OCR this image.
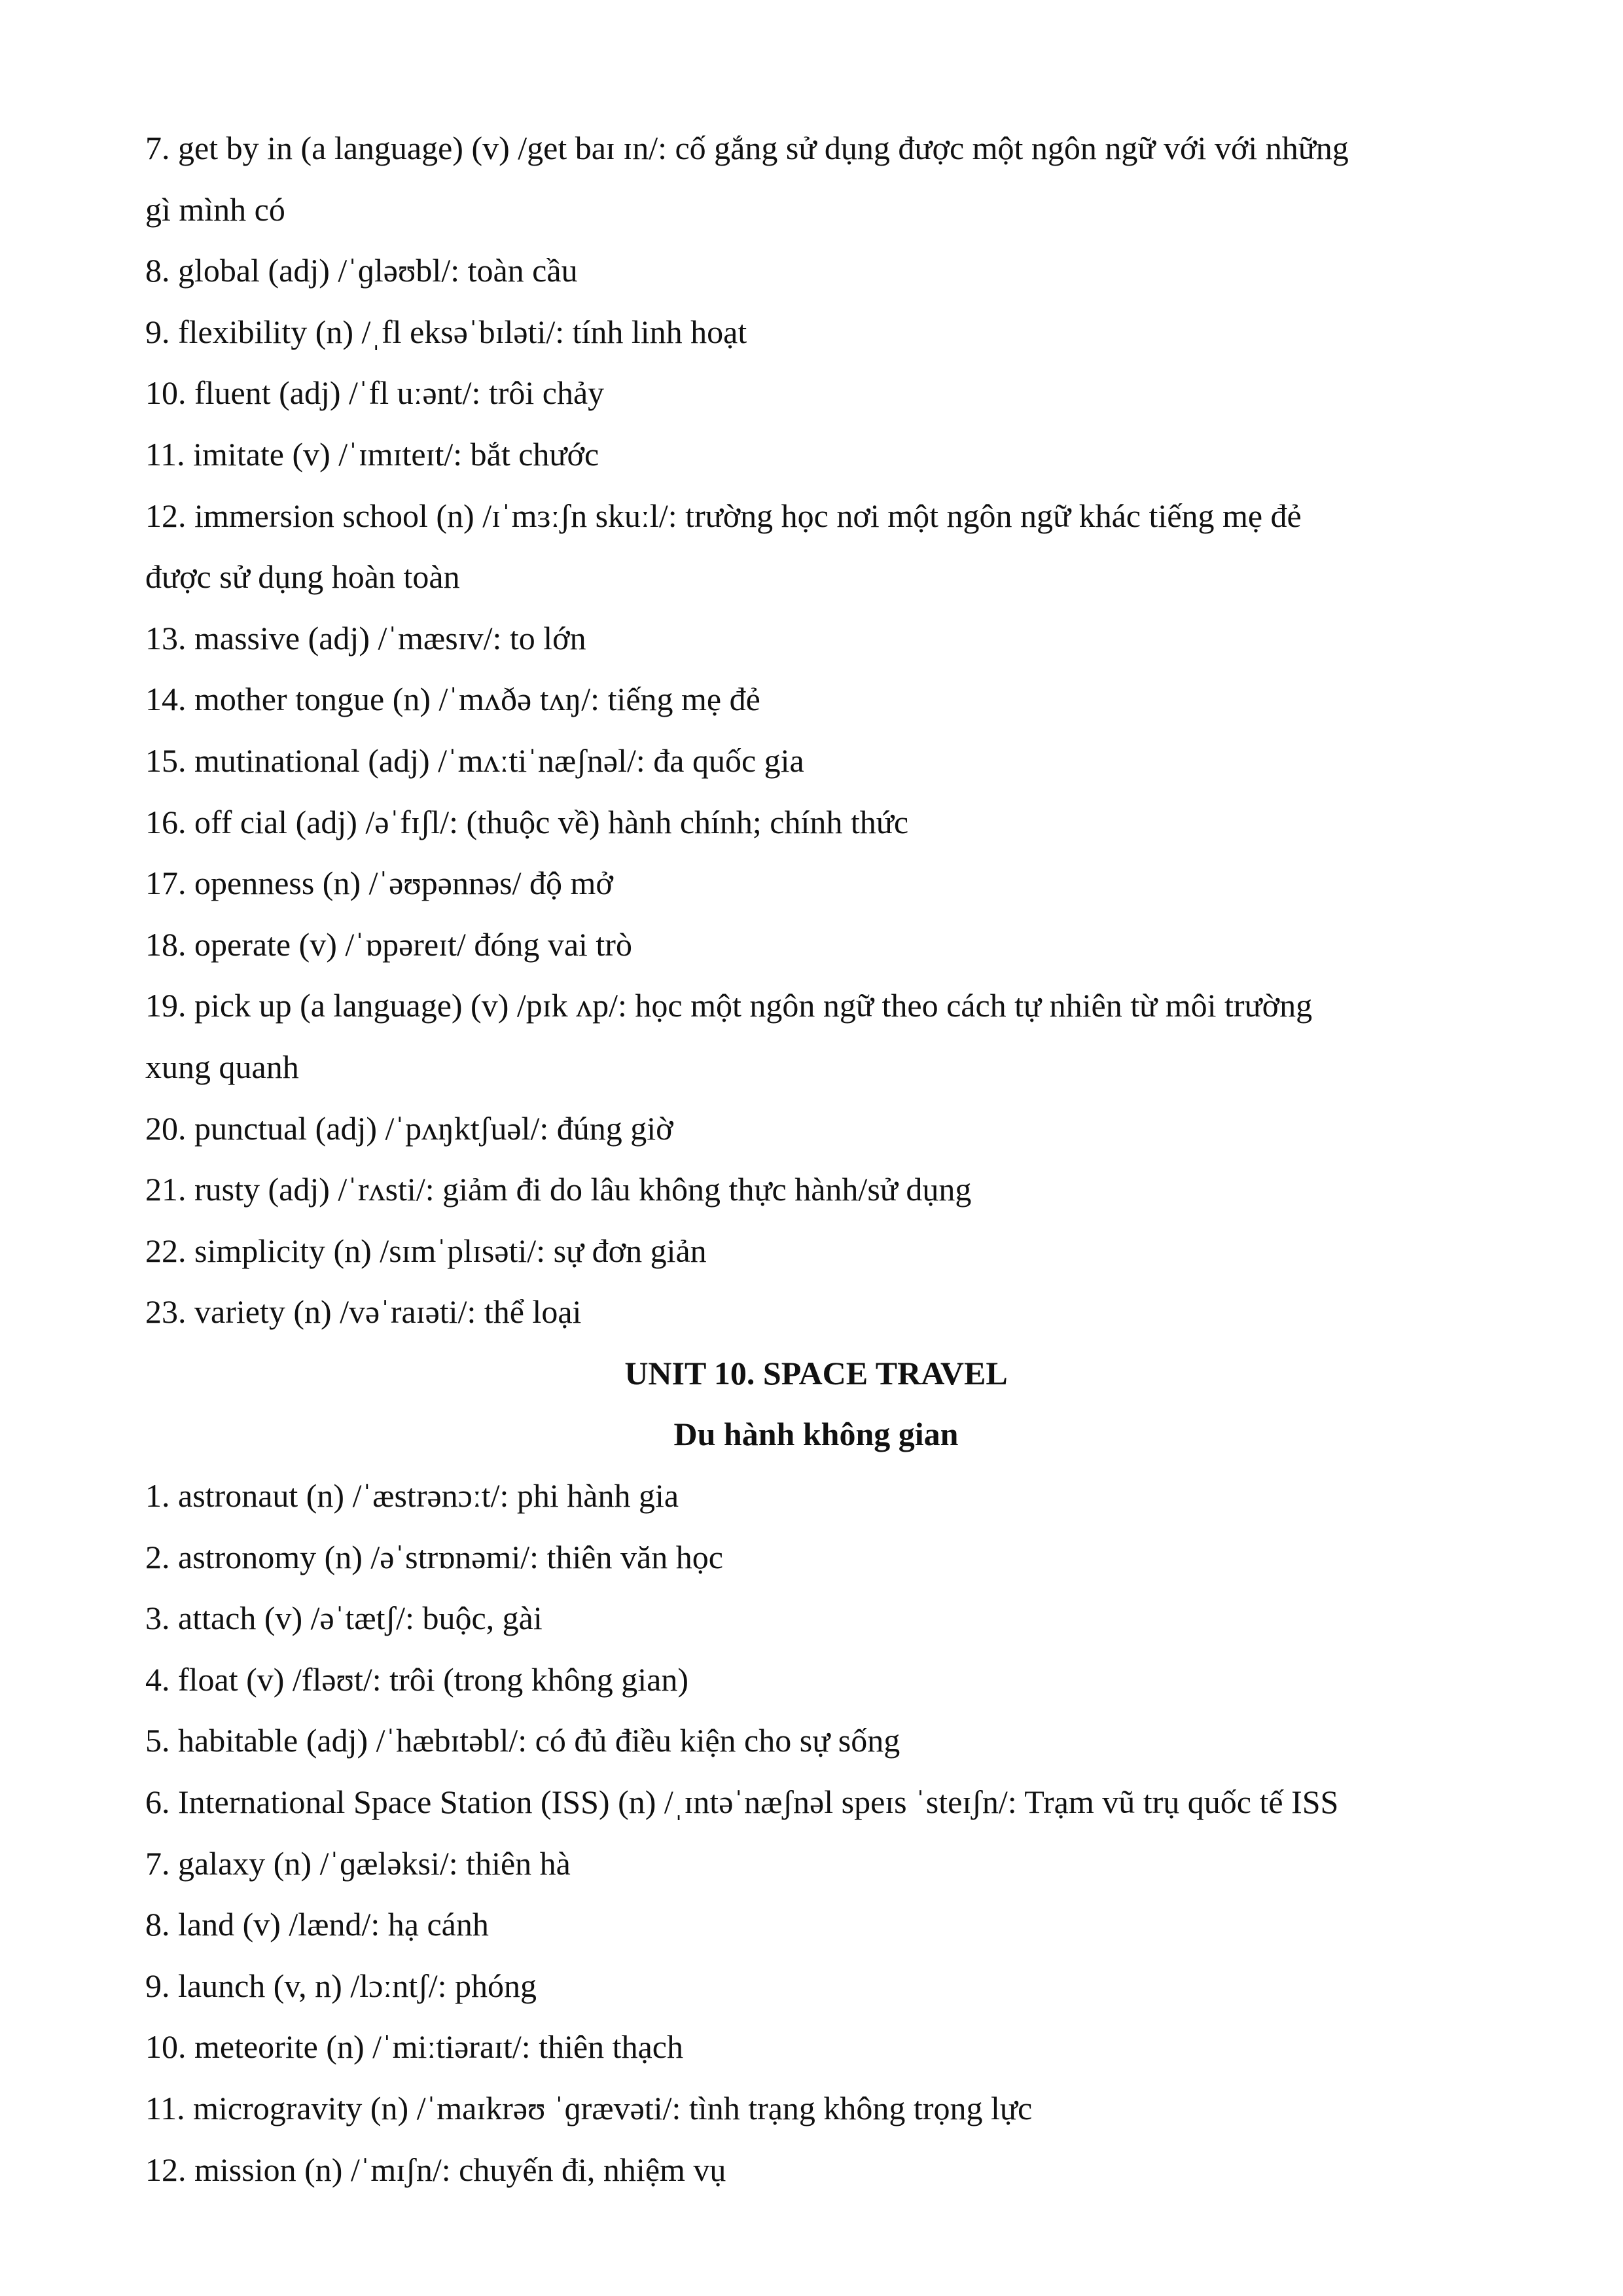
7. get by in (a language) (v) /get baɪ ɪn/: cố gắng sử dụng được một ngôn ngữ với với những
gì mình có
8. global (adj) /ˈɡləʊbl/: toàn cầu
9. flexibility (n) /ˌfl eksəˈbɪləti/: tính linh hoạt
10. fluent (adj) /ˈfl uːənt/: trôi chảy
11. imitate (v) /ˈɪmɪteɪt/: bắt chước
12. immersion school (n) /ɪˈmɜːʃn skuːl/: trường học nơi một ngôn ngữ khác tiếng mẹ đẻ
được sử dụng hoàn toàn
13. massive (adj) /ˈmæsɪv/: to lớn
14. mother tongue (n) /ˈmʌðə tʌŋ/: tiếng mẹ đẻ
15. mutinational (adj) /ˈmʌːtiˈnæʃnəl/: đa quốc gia
16. off cial (adj) /əˈfɪʃl/: (thuộc về) hành chính; chính thức
17. openness (n) /ˈəʊpənnəs/ độ mở
18. operate (v) /ˈɒpəreɪt/ đóng vai trò
19. pick up (a language) (v) /pɪk ʌp/: học một ngôn ngữ theo cách tự nhiên từ môi trường
xung quanh
20. punctual (adj) /ˈpʌŋktʃuəl/: đúng giờ
21. rusty (adj) /ˈrʌsti/: giảm đi do lâu không thực hành/sử dụng
22. simplicity (n) /sɪmˈplɪsəti/: sự đơn giản
23. variety (n) /vəˈraɪəti/: thể loại
UNIT 10. SPACE TRAVEL
Du hành không gian
1. astronaut (n) /ˈæstrənɔːt/: phi hành gia
2. astronomy (n) /əˈstrɒnəmi/: thiên văn học
3. attach (v) /əˈtætʃ/: buộc, gài
4. float (v) /fləʊt/: trôi (trong không gian)
5. habitable (adj) /ˈhæbɪtəbl/: có đủ điều kiện cho sự sống
6. International Space Station (ISS) (n) /ˌɪntəˈnæʃnəl speɪs ˈsteɪʃn/: Trạm vũ trụ quốc tế ISS
7. galaxy (n) /ˈɡæləksi/: thiên hà
8. land (v) /lænd/: hạ cánh
9. launch (v, n) /lɔːntʃ/: phóng
10. meteorite (n) /ˈmiːtiəraɪt/: thiên thạch
11. microgravity (n) /ˈmaɪkrəʊ ˈɡrævəti/: tình trạng không trọng lực
12. mission (n) /ˈmɪʃn/: chuyến đi, nhiệm vụ
